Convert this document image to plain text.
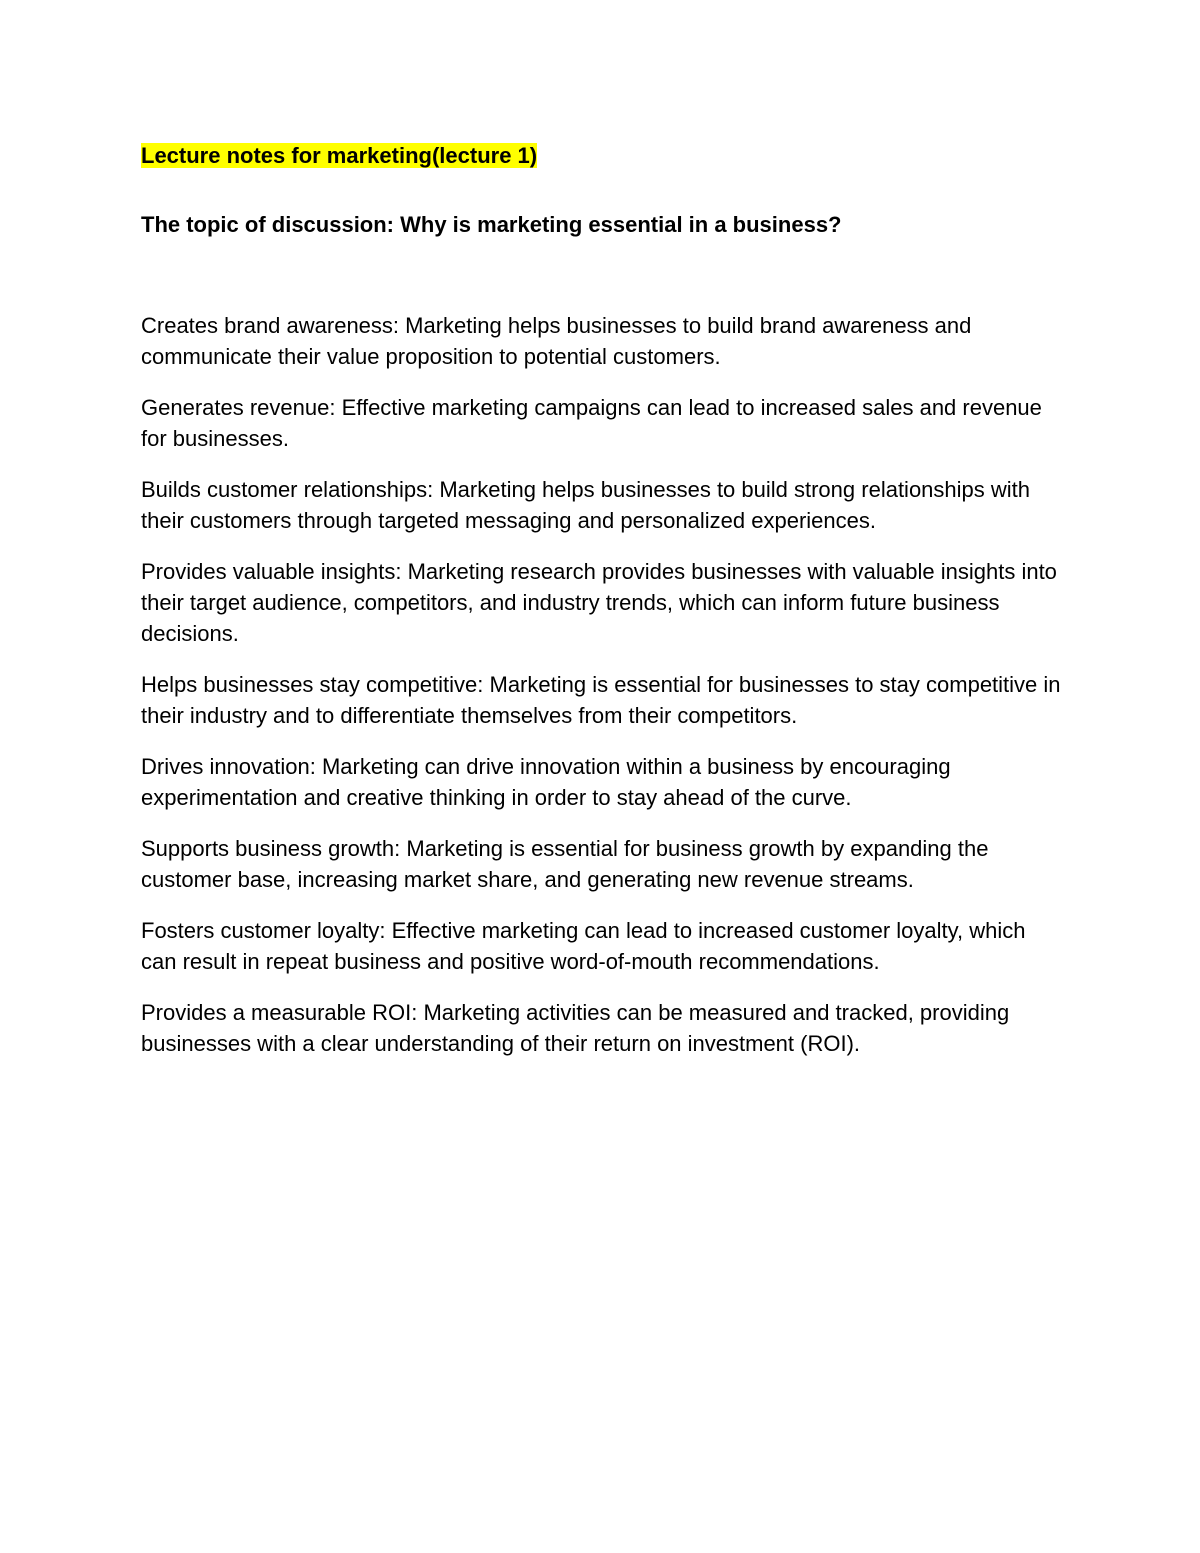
Lecture notes for marketing(lecture 1)

The topic of discussion: Why is marketing essential in a business?

Creates brand awareness: Marketing helps businesses to build brand awareness and communicate their value proposition to potential customers.

Generates revenue: Effective marketing campaigns can lead to increased sales and revenue for businesses.

Builds customer relationships: Marketing helps businesses to build strong relationships with their customers through targeted messaging and personalized experiences.

Provides valuable insights: Marketing research provides businesses with valuable insights into their target audience, competitors, and industry trends, which can inform future business decisions.

Helps businesses stay competitive: Marketing is essential for businesses to stay competitive in their industry and to differentiate themselves from their competitors.

Drives innovation: Marketing can drive innovation within a business by encouraging experimentation and creative thinking in order to stay ahead of the curve.

Supports business growth: Marketing is essential for business growth by expanding the customer base, increasing market share, and generating new revenue streams.

Fosters customer loyalty: Effective marketing can lead to increased customer loyalty, which can result in repeat business and positive word-of-mouth recommendations.

Provides a measurable ROI: Marketing activities can be measured and tracked, providing businesses with a clear understanding of their return on investment (ROI).
